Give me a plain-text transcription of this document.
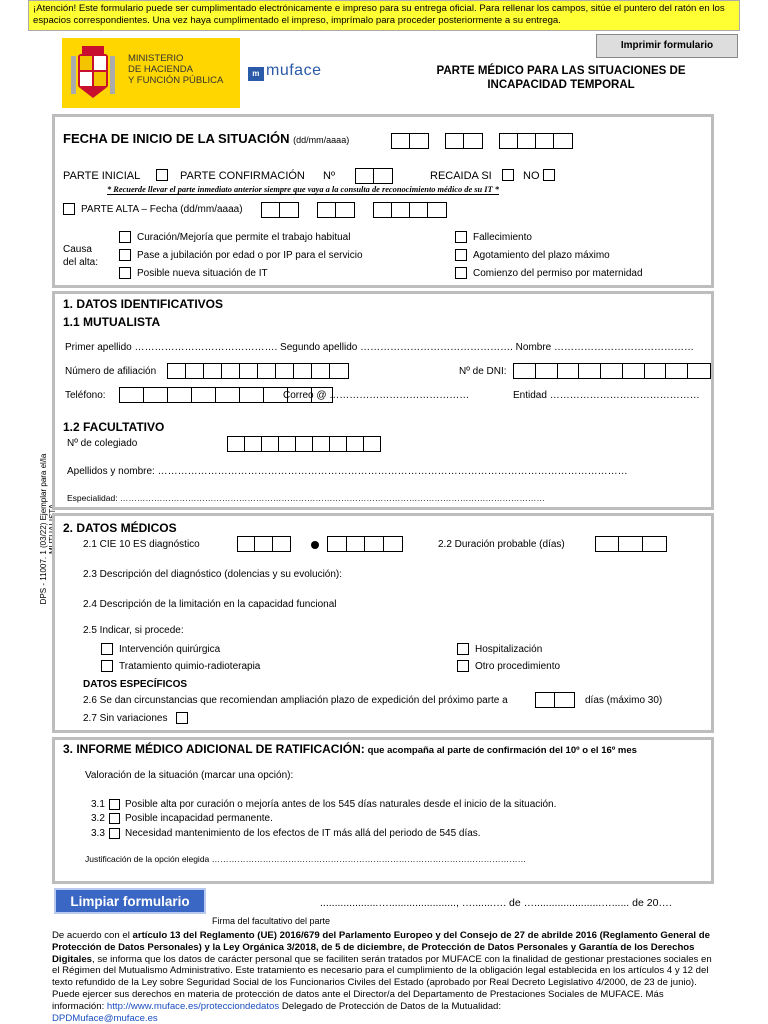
¡Atención! Este formulario puede ser cumplimentado electrónicamente e impreso para su entrega oficial. Para rellenar los campos, sitúe el puntero del ratón en los espacios correspondientes. Una vez haya cumplimentado el impreso, imprímalo para proceder posteriormente a su entrega.
MINISTERIO
DE HACIENDA
Y FUNCIÓN PÚBLICA
m muface
Imprimir formulario
PARTE MÉDICO PARA LAS SITUACIONES DE
INCAPACIDAD TEMPORAL
DPS - 11007. 1 (03/22) Ejemplar para el/la MUTUALISTA
FECHA DE INICIO DE LA SITUACIÓN (dd/mm/aaaa)
PARTE INICIAL	PARTE CONFIRMACIÓN Nº	RECAIDA SI	NO
* Recuerde llevar el parte inmediato anterior siempre que vaya a la consulta de reconocimiento médico de su IT *
PARTE ALTA – Fecha (dd/mm/aaaa)
Causa
del alta:
Curación/Mejoría que permite el trabajo habitual
Pase a jubilación por edad o por IP para el servicio
Posible nueva situación de IT
Fallecimiento
Agotamiento del plazo máximo
Comienzo del permiso por maternidad
1. DATOS IDENTIFICATIVOS
1.1 MUTUALISTA
Primer apellido ……………………………………. Segundo apellido ………………………………………. Nombre ……………………………………
Número de afiliación	Nº de DNI:
Teléfono:	Correo @ ……………………………………	Entidad ………………………………………
1.2 FACULTATIVO
Nº de colegiado
Apellidos y nombre: ……………………………………………………………………………………………………………………………
Especialidad: ……………………………………………………………………………………………………………………………………
2. DATOS MÉDICOS
2.1 CIE 10 ES diagnóstico	2.2 Duración probable (días)
2.3 Descripción del diagnóstico (dolencias y su evolución):
2.4 Descripción de la limitación en la capacidad funcional
2.5 Indicar, si procede:
Intervención quirúrgica
Tratamiento quimio-radioterapia
Hospitalización
Otro procedimiento
DATOS ESPECÍFICOS
2.6 Se dan circunstancias que recomiendan ampliación plazo de expedición del próximo parte a	días (máximo 30)
2.7 Sin variaciones
3. INFORME MÉDICO ADICIONAL DE RATIFICACIÓN: que acompaña al parte de confirmación del 10º o el 16º mes
Valoración de la situación (marcar una opción):
3.1 Posible alta por curación o mejoría antes de los 545 días naturales desde el inicio de la situación.
3.2 Posible incapacidad permanente.
3.3 Necesidad mantenimiento de los efectos de IT más allá del periodo de 545 días.
Justificación de la opción elegida …………………………………………………………………………………………………
Limpiar formulario	....................…......................., ….......…. de ….......................…...... de 20….
Firma del facultativo del parte
De acuerdo con el artículo 13 del Reglamento (UE) 2016/679 del Parlamento Europeo y del Consejo de 27 de abrilde 2016 (Reglamento General de Protección de Datos Personales) y la Ley Orgánica 3/2018, de 5 de diciembre, de Protección de Datos Personales y Garantía de los Derechos Digitales, se informa que los datos de carácter personal que se faciliten serán tratados por MUFACE con la finalidad de gestionar prestaciones sociales en el Régimen del Mutualismo Administrativo. Este tratamiento es necesario para el cumplimiento de la obligación legal establecida en los artículos 4 y 12 del texto refundido de la Ley sobre Seguridad Social de los Funcionarios Civiles del Estado (aprobado por Real Decreto Legislativo 4/2000, de 23 de junio). Puede ejercer sus derechos en materia de protección de datos ante el Director/a del Departamento de Prestaciones Sociales de MUFACE. Más información: http://www.muface.es/protecciondedatos Delegado de Protección de Datos de la Mutualidad:
DPDMuface@muface.es
